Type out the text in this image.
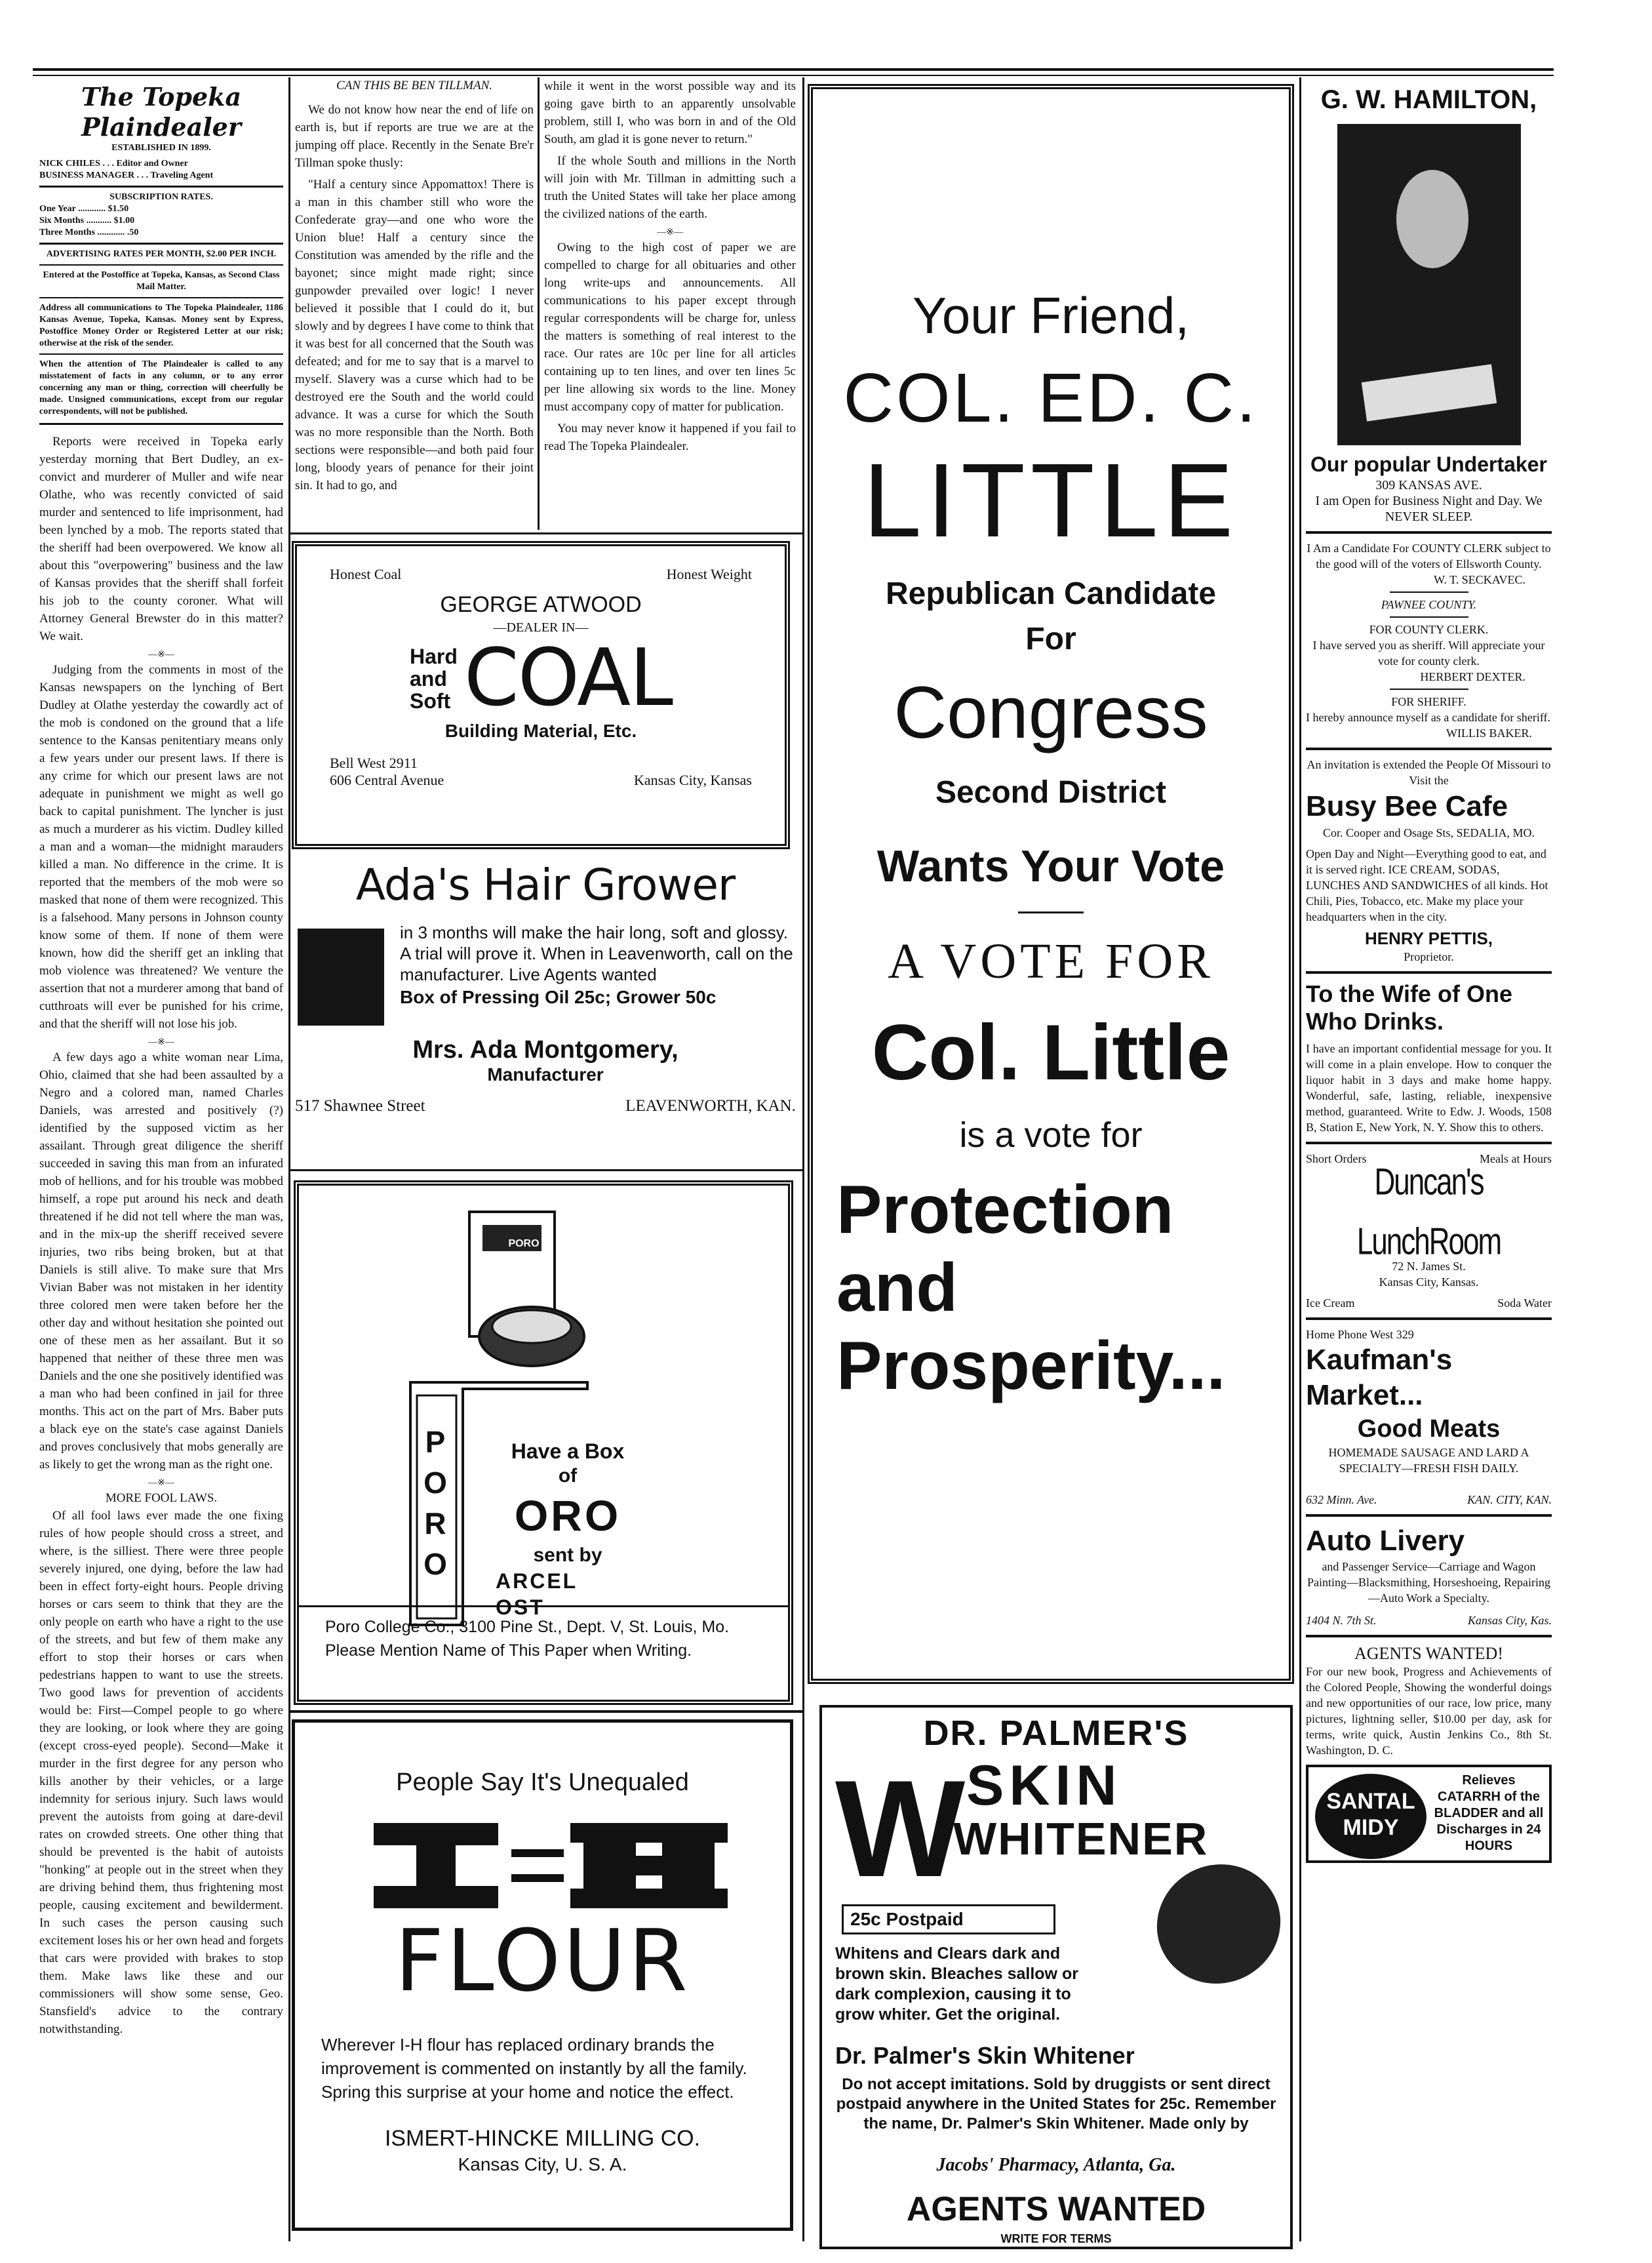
The Topeka Plaindealer
ESTABLISHED IN 1899.
NICK CHILES . . . Editor and Owner
BUSINESS MANAGER . . . Traveling Agent
SUBSCRIPTION RATES.
One Year ............ $1.50
Six Months ........... $1.00
Three Months ............ .50
ADVERTISING RATES PER MONTH, $2.00 PER INCH.
Entered at the Postoffice at Topeka, Kansas, as Second Class Mail Matter.
Address all communications to The Topeka Plaindealer, 1186 Kansas Avenue, Topeka, Kansas. Money sent by Express, Postoffice Money Order or Registered Letter at our risk; otherwise at the risk of the sender.
When the attention of The Plaindealer is called to any misstatement of facts in any column, or to any error concerning any man or thing, correction will cheerfully be made. Unsigned communications, except from our regular correspondents, will not be published.

Reports were received in Topeka early yesterday morning that Bert Dudley, an ex-convict and murderer of Muller and wife near Olathe, who was recently convicted of said murder and sentenced to life imprisonment, had been lynched by a mob. The reports stated that the sheriff had been overpowered. We know all about this "overpowering" business and the law of Kansas provides that the sheriff shall forfeit his job to the county coroner. What will Attorney General Brewster do in this matter? We wait.

—※—

Judging from the comments in most of the Kansas newspapers on the lynching of Bert Dudley at Olathe yesterday the cowardly act of the mob is condoned on the ground that a life sentence to the Kansas penitentiary means only a few years under our present laws. If there is any crime for which our present laws are not adequate in punishment we might as well go back to capital punishment. The lyncher is just as much a murderer as his victim. Dudley killed a man and a woman—the midnight marauders killed a man. No difference in the crime. It is reported that the members of the mob were so masked that none of them were recognized. This is a falsehood. Many persons in Johnson county know some of them. If none of them were known, how did the sheriff get an inkling that mob violence was threatened? We venture the assertion that not a murderer among that band of cutthroats will ever be punished for his crime, and that the sheriff will not lose his job.

—※—

A few days ago a white woman near Lima, Ohio, claimed that she had been assaulted by a Negro and a colored man, named Charles Daniels, was arrested and positively (?) identified by the supposed victim as her assailant. Through great diligence the sheriff succeeded in saving this man from an infurated mob of hellions, and for his trouble was mobbed himself, a rope put around his neck and death threatened if he did not tell where the man was, and in the mix-up the sheriff received severe injuries, two ribs being broken, but at that Daniels is still alive. To make sure that Mrs Vivian Baber was not mistaken in her identity three colored men were taken before her the other day and without hesitation she pointed out one of these men as her assailant. But it so happened that neither of these three men was Daniels and the one she positively identified was a man who had been confined in jail for three months. This act on the part of Mrs. Baber puts a black eye on the state's case against Daniels and proves conclusively that mobs generally are as likely to get the wrong man as the right one.

—※—
MORE FOOL LAWS.

Of all fool laws ever made the one fixing rules of how people should cross a street, and where, is the silliest. There were three people severely injured, one dying, before the law had been in effect forty-eight hours. People driving horses or cars seem to think that they are the only people on earth who have a right to the use of the streets, and but few of them make any effort to stop their horses or cars when pedestrians happen to want to use the streets. Two good laws for prevention of accidents would be: First—Compel people to go where they are looking, or look where they are going (except cross-eyed people). Second—Make it murder in the first degree for any person who kills another by their vehicles, or a large indemnity for serious injury. Such laws would prevent the autoists from going at dare-devil rates on crowded streets. One other thing that should be prevented is the habit of autoists "honking" at people out in the street when they are driving behind them, thus frightening most people, causing excitement and bewilderment. In such cases the person causing such excitement loses his or her own head and forgets that cars were provided with brakes to stop them. Make laws like these and our commissioners will show some sense, Geo. Stansfield's advice to the contrary notwithstanding.

CAN THIS BE BEN TILLMAN.

We do not know how near the end of life on earth is, but if reports are true we are at the jumping off place. Recently in the Senate Bre'r Tillman spoke thusly:

"Half a century since Appomattox! There is a man in this chamber still who wore the Confederate gray—and one who wore the Union blue! Half a century since the Constitution was amended by the rifle and the bayonet; since might made right; since gunpowder prevailed over logic! I never believed it possible that I could do it, but slowly and by degrees I have come to think that it was best for all concerned that the South was defeated; and for me to say that is a marvel to myself. Slavery was a curse which had to be destroyed ere the South and the world could advance. It was a curse for which the South was no more responsible than the North. Both sections were responsible—and both paid four long, bloody years of penance for their joint sin. It had to go, and

while it went in the worst possible way and its going gave birth to an apparently unsolvable problem, still I, who was born in and of the Old South, am glad it is gone never to return."

If the whole South and millions in the North will join with Mr. Tillman in admitting such a truth the United States will take her place among the civilized nations of the earth.

—※—

Owing to the high cost of paper we are compelled to charge for all obituaries and other long write-ups and announcements. All communications to his paper except through regular correspondents will be charge for, unless the matters is something of real interest to the race. Our rates are 10c per line for all articles containing up to ten lines, and over ten lines 5c per line allowing six words to the line. Money must accompany copy of matter for publication.

You may never know it happened if you fail to read The Topeka Plaindealer.

Honest Coal	Honest Weight
GEORGE ATWOOD
—DEALER IN—
Hard
and
Soft COAL
Building Material, Etc.
Bell West 2911
606 Central Avenue	Kansas City, Kansas
Ada's Hair Grower
in 3 months will make the hair long, soft and glossy. A trial will prove it. When in Leavenworth, call on the manufacturer. Live Agents wanted
Box of Pressing Oil 25c; Grower 50c
Mrs. Ada Montgomery,
Manufacturer
517 Shawnee Street	LEAVENWORTH, KAN.
PORO
PORO
Have a Box
of
ORO
sent by
ARCEL
OST
Poro College Co., 3100 Pine St., Dept. V, St. Louis, Mo. Please Mention Name of This Paper when Writing.
People Say It's Unequaled
FLOUR
Wherever I-H flour has replaced ordinary brands the improvement is commented on instantly by all the family. Spring this surprise at your home and notice the effect.
ISMERT-HINCKE MILLING CO.
Kansas City, U. S. A.
Your Friend,
COL. ED. C.
LITTLE
Republican Candidate
For
Congress
Second District
Wants Your Vote
A VOTE FOR
Col. Little
is a vote for
Protection
and
Prosperity...
DR. PALMER'S
W SKIN
WHITENER
25c Postpaid
Whitens and Clears dark and brown skin. Bleaches sallow or dark complexion, causing it to grow whiter. Get the original.
Dr. Palmer's Skin Whitener
Do not accept imitations. Sold by druggists or sent direct postpaid anywhere in the United States for 25c. Remember the name, Dr. Palmer's Skin Whitener. Made only by
Jacobs' Pharmacy, Atlanta, Ga.
AGENTS WANTED
WRITE FOR TERMS
G. W. HAMILTON,
Our popular Undertaker
309 KANSAS AVE.
I am Open for Business Night and Day. We NEVER SLEEP.
I Am a Candidate For COUNTY CLERK subject to the good will of the voters of Ellsworth County.
W. T. SECKAVEC.
PAWNEE COUNTY.
FOR COUNTY CLERK.
I have served you as sheriff. Will appreciate your vote for county clerk.
HERBERT DEXTER.
FOR SHERIFF.
I hereby announce myself as a candidate for sheriff.
WILLIS BAKER.
An invitation is extended the People Of Missouri to Visit the
Busy Bee Cafe
Cor. Cooper and Osage Sts, SEDALIA, MO.
Open Day and Night—Everything good to eat, and it is served right. ICE CREAM, SODAS, LUNCHES AND SANDWICHES of all kinds. Hot Chili, Pies, Tobacco, etc. Make my place your headquarters when in the city.
HENRY PETTIS,
Proprietor.
To the Wife of One Who Drinks.
I have an important confidential message for you. It will come in a plain envelope. How to conquer the liquor habit in 3 days and make home happy. Wonderful, safe, lasting, reliable, inexpensive method, guaranteed. Write to Edw. J. Woods, 1508 B, Station E, New York, N. Y. Show this to others.
Short Orders	Meals at Hours
Duncan's LunchRoom
72 N. James St.
Kansas City, Kansas.
Ice Cream	Soda Water
Home Phone West 329
Kaufman's Market...
Good Meats
HOMEMADE SAUSAGE AND LARD A SPECIALTY—FRESH FISH DAILY.
632 Minn. Ave.	KAN. CITY, KAN.
Auto Livery
and Passenger Service—Carriage and Wagon Painting—Blacksmithing, Horseshoeing, Repairing—Auto Work a Specialty.
1404 N. 7th St.	Kansas City, Kas.
AGENTS WANTED!
For our new book, Progress and Achievements of the Colored People, Showing the wonderful doings and new opportunities of our race, low price, many pictures, lightning seller, $10.00 per day, ask for terms, write quick, Austin Jenkins Co., 8th St. Washington, D. C.
SANTAL MIDY
Relieves CATARRH of the BLADDER and all Discharges in 24 HOURS
